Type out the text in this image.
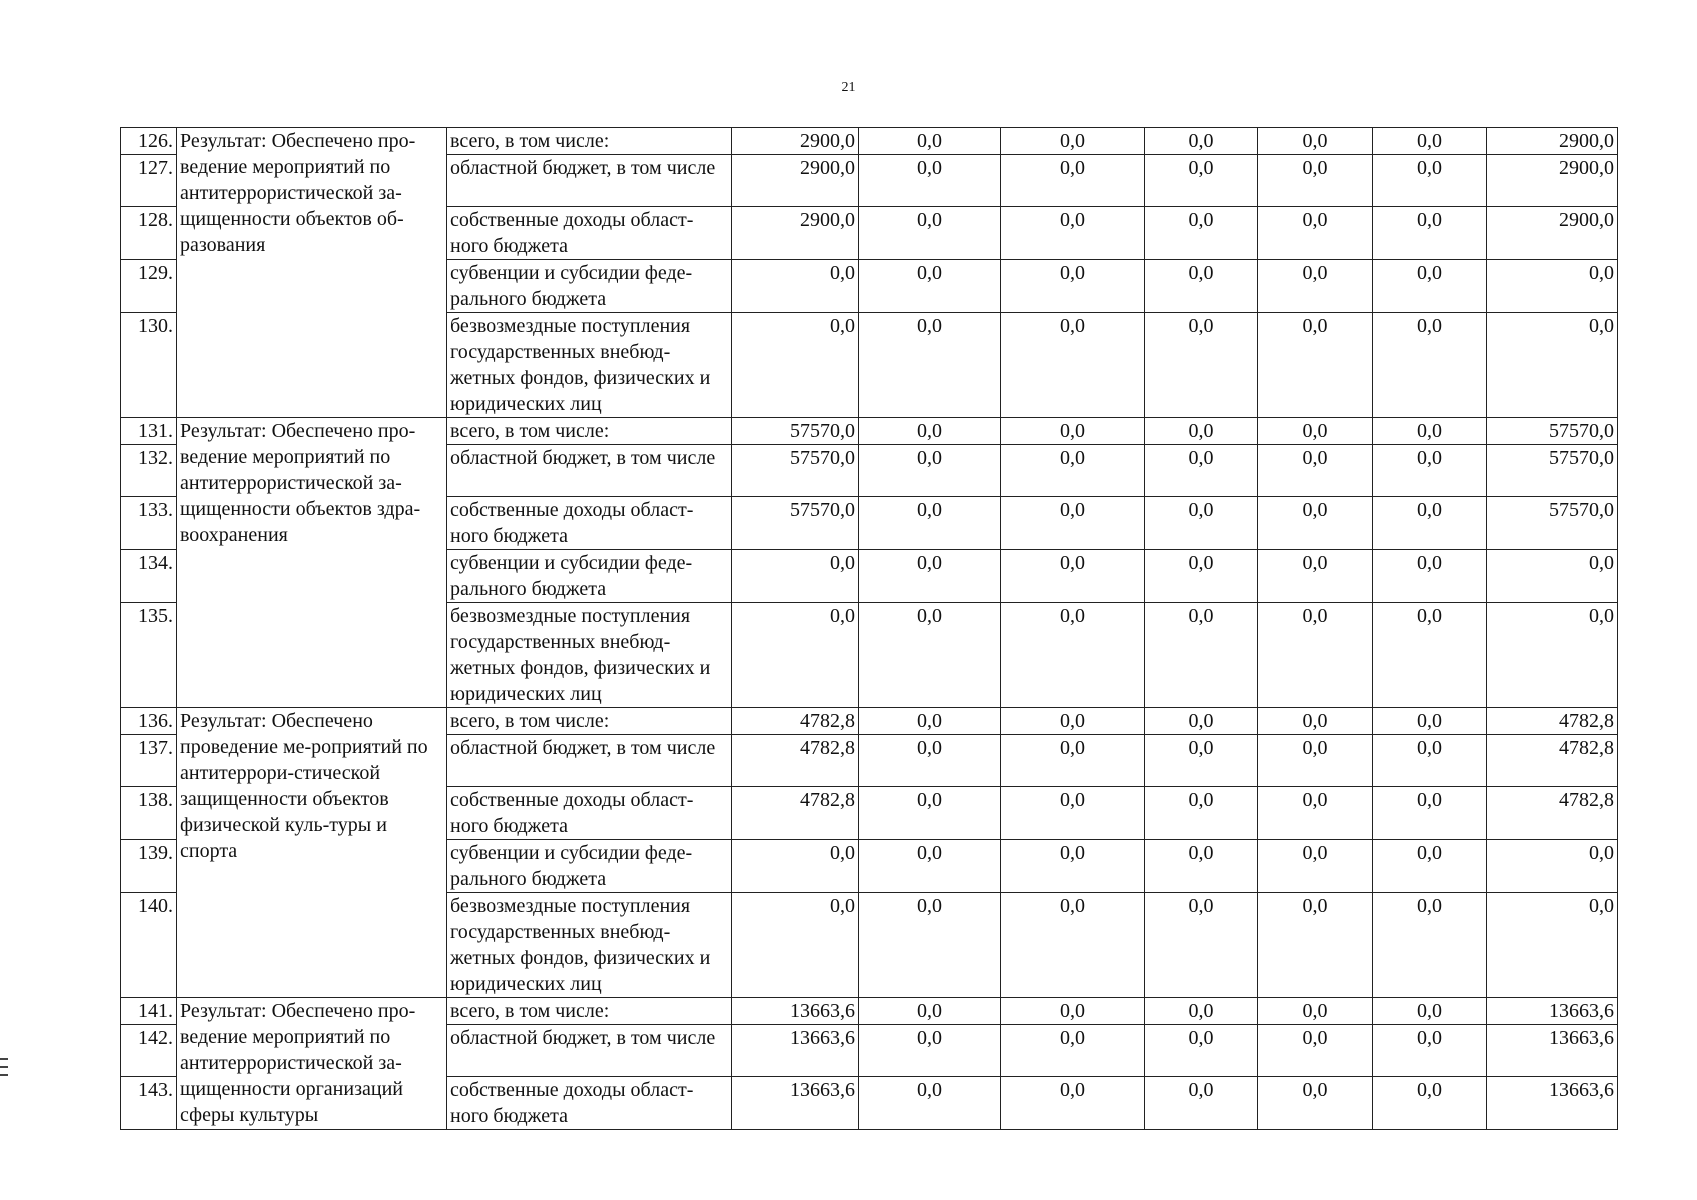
21
126.	Результат: Обеспечено про-ведение мероприятий по антитеррористической за-щищенности объектов об-разования	всего, в том числе:	2900,0	0,0	0,0	0,0	0,0	0,0	2900,0
127.		областной бюджет, в том числе	2900,0	0,0	0,0	0,0	0,0	0,0	2900,0
128.		собственные доходы област-ного бюджета	2900,0	0,0	0,0	0,0	0,0	0,0	2900,0
129.		субвенции и субсидии феде-рального бюджета	0,0	0,0	0,0	0,0	0,0	0,0	0,0
130.		безвозмездные поступления государственных внебюд-жетных фондов, физических и юридических лиц	0,0	0,0	0,0	0,0	0,0	0,0	0,0
131.	Результат: Обеспечено про-ведение мероприятий по антитеррористической за-щищенности объектов здра-воохранения	всего, в том числе:	57570,0	0,0	0,0	0,0	0,0	0,0	57570,0
132.		областной бюджет, в том числе	57570,0	0,0	0,0	0,0	0,0	0,0	57570,0
133.		собственные доходы област-ного бюджета	57570,0	0,0	0,0	0,0	0,0	0,0	57570,0
134.		субвенции и субсидии феде-рального бюджета	0,0	0,0	0,0	0,0	0,0	0,0	0,0
135.		безвозмездные поступления государственных внебюд-жетных фондов, физических и юридических лиц	0,0	0,0	0,0	0,0	0,0	0,0	0,0
136.	Результат: Обеспечено проведение ме-роприятий по антитеррори-стической защищенности объектов физической куль-туры и спорта	всего, в том числе:	4782,8	0,0	0,0	0,0	0,0	0,0	4782,8
137.		областной бюджет, в том числе	4782,8	0,0	0,0	0,0	0,0	0,0	4782,8
138.		собственные доходы област-ного бюджета	4782,8	0,0	0,0	0,0	0,0	0,0	4782,8
139.		субвенции и субсидии феде-рального бюджета	0,0	0,0	0,0	0,0	0,0	0,0	0,0
140.		безвозмездные поступления государственных внебюд-жетных фондов, физических и юридических лиц	0,0	0,0	0,0	0,0	0,0	0,0	0,0
141.	Результат: Обеспечено про-ведение мероприятий по антитеррористической за-щищенности организаций сферы культуры	всего, в том числе:	13663,6	0,0	0,0	0,0	0,0	0,0	13663,6
142.		областной бюджет, в том числе	13663,6	0,0	0,0	0,0	0,0	0,0	13663,6
143.		собственные доходы област-ного бюджета	13663,6	0,0	0,0	0,0	0,0	0,0	13663,6
